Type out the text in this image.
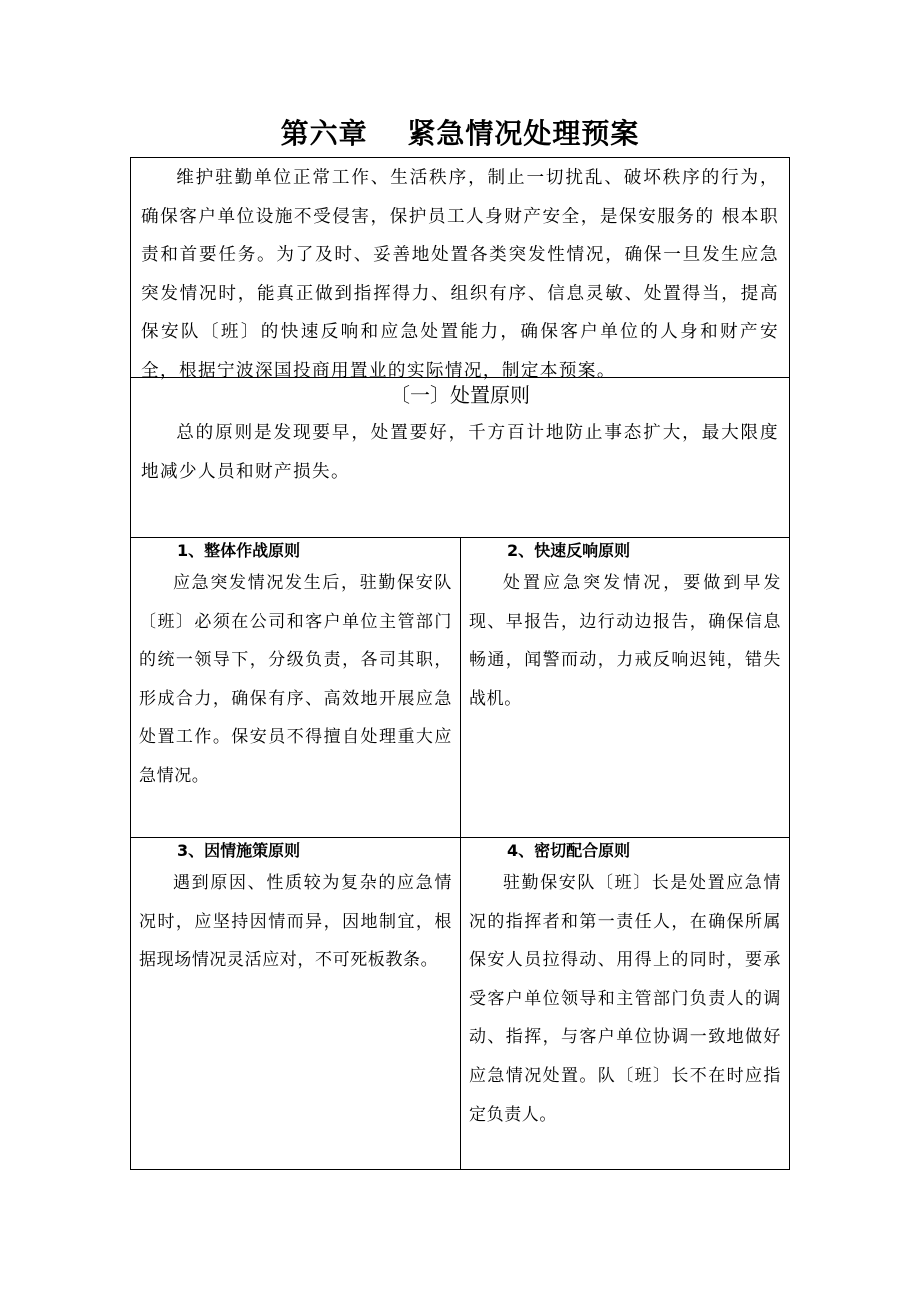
第六章　 紧急情况处理预案

维护驻勤单位正常工作、生活秩序，制止一切扰乱、破坏秩序的行为，确保客户单位设施不受侵害，保护员工人身财产安全，是保安服务的 根本职责和首要任务。为了及时、妥善地处置各类突发性情况，确保一旦发生应急突发情况时，能真正做到指挥得力、组织有序、信息灵敏、处置得当，提高保安队〔班〕的快速反响和应急处置能力，确保客户单位的人身和财产安全，根据宁波深国投商用置业的实际情况，制定本预案。

〔一〕处置原则

总的原则是发现要早，处置要好，千方百计地防止事态扩大，最大限度地减少人员和财产损失。

1、整体作战原则

应急突发情况发生后，驻勤保安队〔班〕必须在公司和客户单位主管部门的统一领导下，分级负责，各司其职，形成合力，确保有序、高效地开展应急处置工作。保安员不得擅自处理重大应急情况。

2、快速反响原则

处置应急突发情况，要做到早发现、早报告，边行动边报告，确保信息畅通，闻警而动，力戒反响迟钝，错失战机。

3、因情施策原则

遇到原因、性质较为复杂的应急情况时，应坚持因情而异，因地制宜，根据现场情况灵活应对，不可死板教条。

4、密切配合原则

驻勤保安队〔班〕长是处置应急情况的指挥者和第一责任人，在确保所属保安人员拉得动、用得上的同时，要承受客户单位领导和主管部门负责人的调动、指挥，与客户单位协调一致地做好应急情况处置。队〔班〕长不在时应指定负责人。
